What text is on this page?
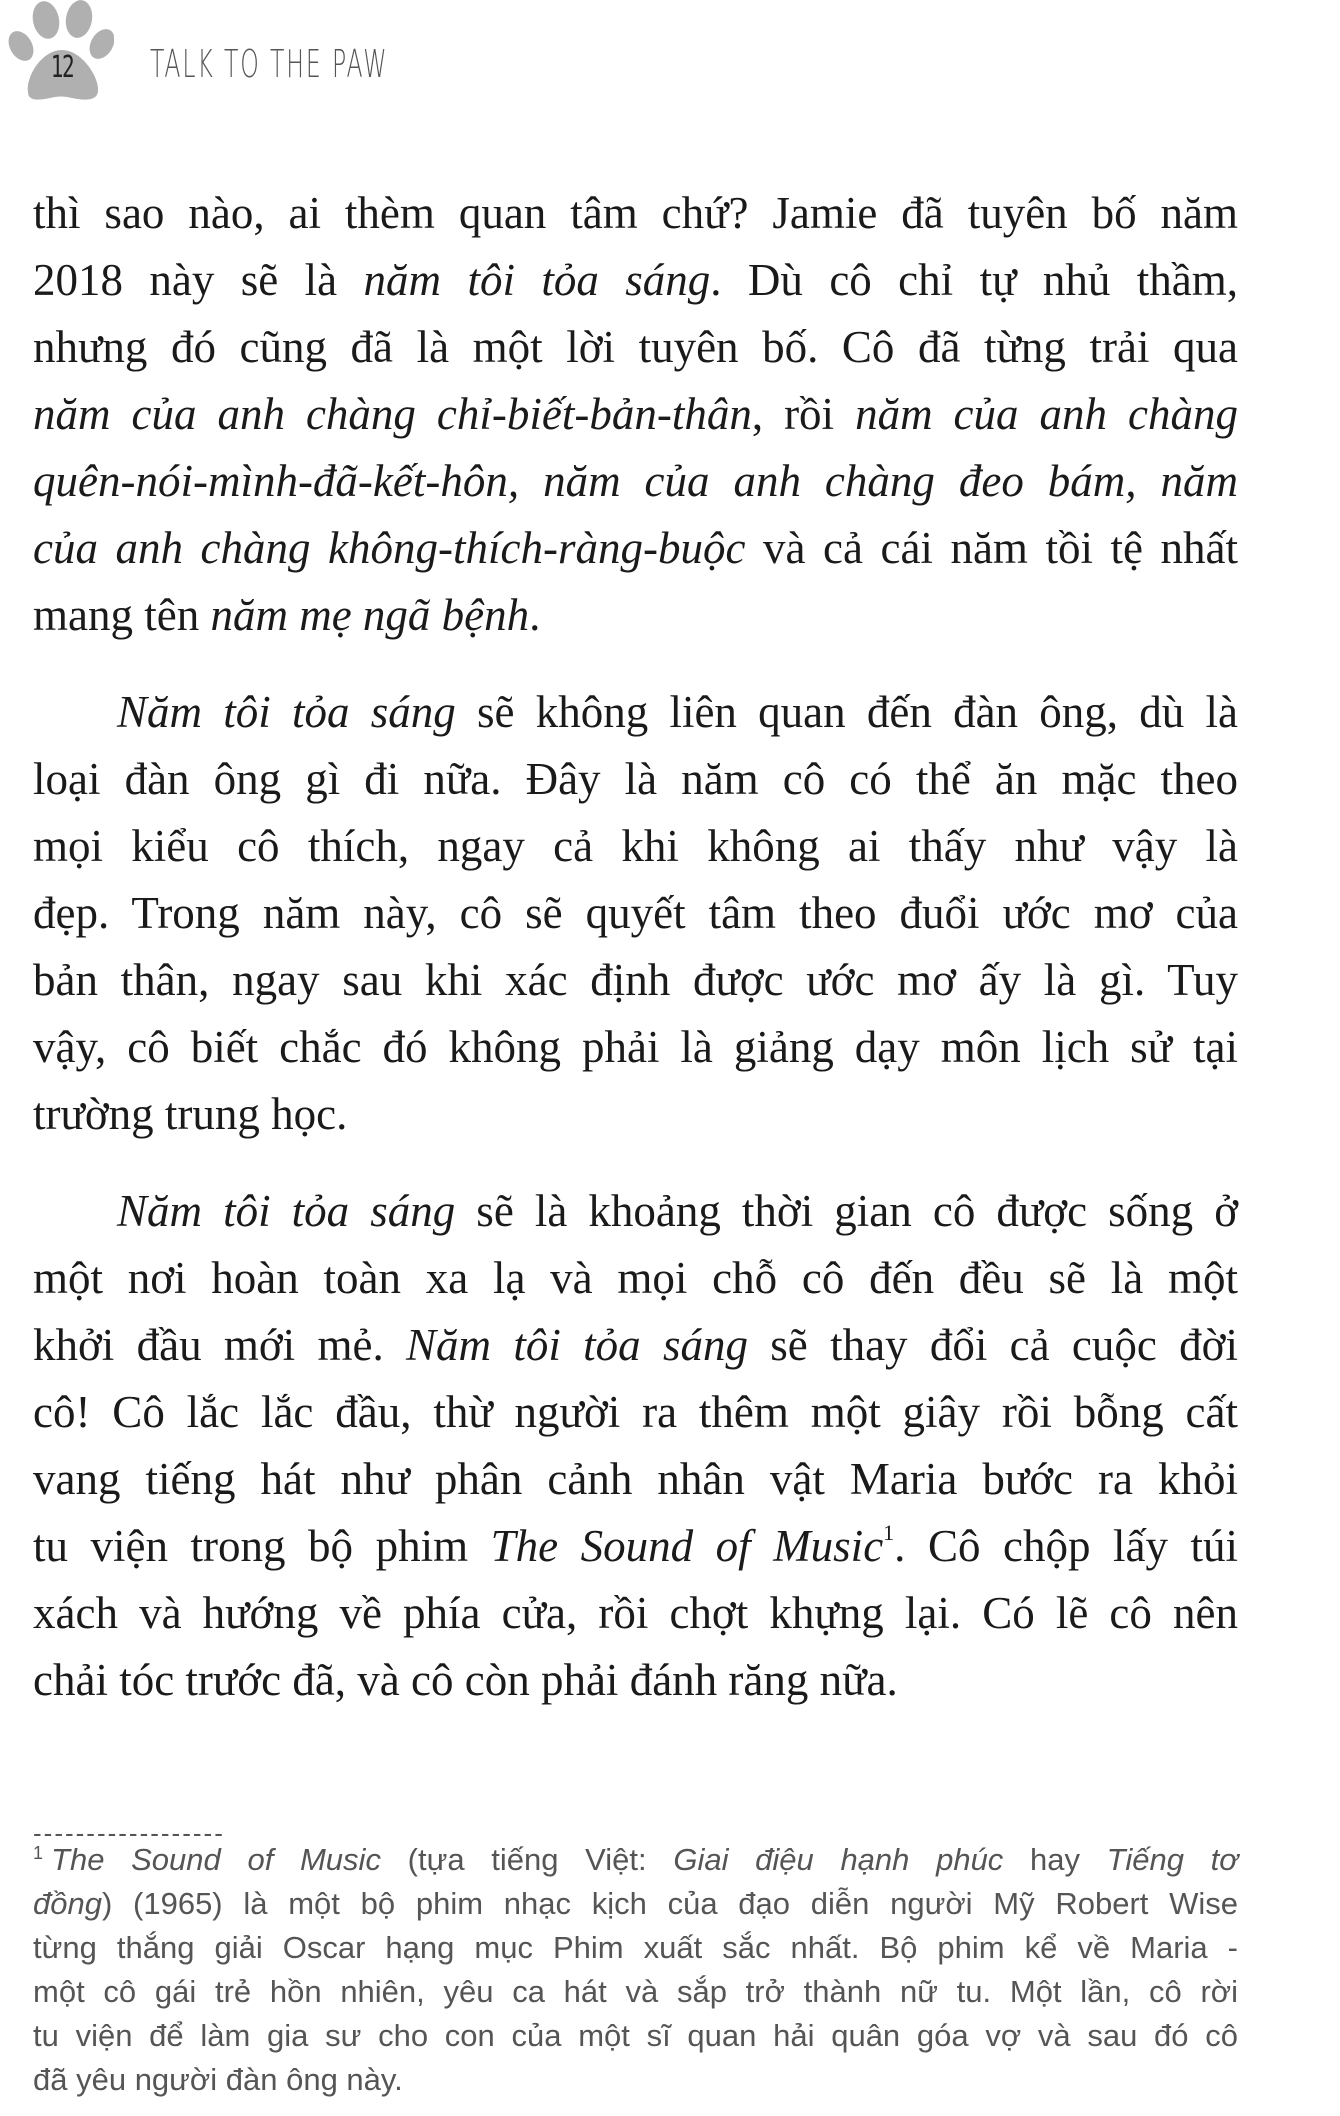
12 TALK TO THE PAW
thì sao nào, ai thèm quan tâm chứ? Jamie đã tuyên bố năm
2018 này sẽ là năm tôi tỏa sáng. Dù cô chỉ tự nhủ thầm,
nhưng đó cũng đã là một lời tuyên bố. Cô đã từng trải qua
năm của anh chàng chỉ-biết-bản-thân, rồi năm của anh chàng
quên-nói-mình-đã-kết-hôn, năm của anh chàng đeo bám, năm
của anh chàng không-thích-ràng-buộc và cả cái năm tồi tệ nhất
mang tên năm mẹ ngã bệnh.
Năm tôi tỏa sáng sẽ không liên quan đến đàn ông, dù là
loại đàn ông gì đi nữa. Đây là năm cô có thể ăn mặc theo
mọi kiểu cô thích, ngay cả khi không ai thấy như vậy là
đẹp. Trong năm này, cô sẽ quyết tâm theo đuổi ước mơ của
bản thân, ngay sau khi xác định được ước mơ ấy là gì. Tuy
vậy, cô biết chắc đó không phải là giảng dạy môn lịch sử tại
trường trung học.
Năm tôi tỏa sáng sẽ là khoảng thời gian cô được sống ở
một nơi hoàn toàn xa lạ và mọi chỗ cô đến đều sẽ là một
khởi đầu mới mẻ. Năm tôi tỏa sáng sẽ thay đổi cả cuộc đời
cô! Cô lắc lắc đầu, thừ người ra thêm một giây rồi bỗng cất
vang tiếng hát như phân cảnh nhân vật Maria bước ra khỏi
tu viện trong bộ phim The Sound of Music$^1$. Cô chộp lấy túi
xách và hướng về phía cửa, rồi chợt khựng lại. Có lẽ cô nên
chải tóc trước đã, và cô còn phải đánh răng nữa.
------------------
$^1$ The Sound of Music (tựa tiếng Việt: Giai điệu hạnh phúc hay Tiếng tơ
đồng) (1965) là một bộ phim nhạc kịch của đạo diễn người Mỹ Robert Wise
từng thắng giải Oscar hạng mục Phim xuất sắc nhất. Bộ phim kể về Maria -
một cô gái trẻ hồn nhiên, yêu ca hát và sắp trở thành nữ tu. Một lần, cô rời
tu viện để làm gia sư cho con của một sĩ quan hải quân góa vợ và sau đó cô
đã yêu người đàn ông này.
